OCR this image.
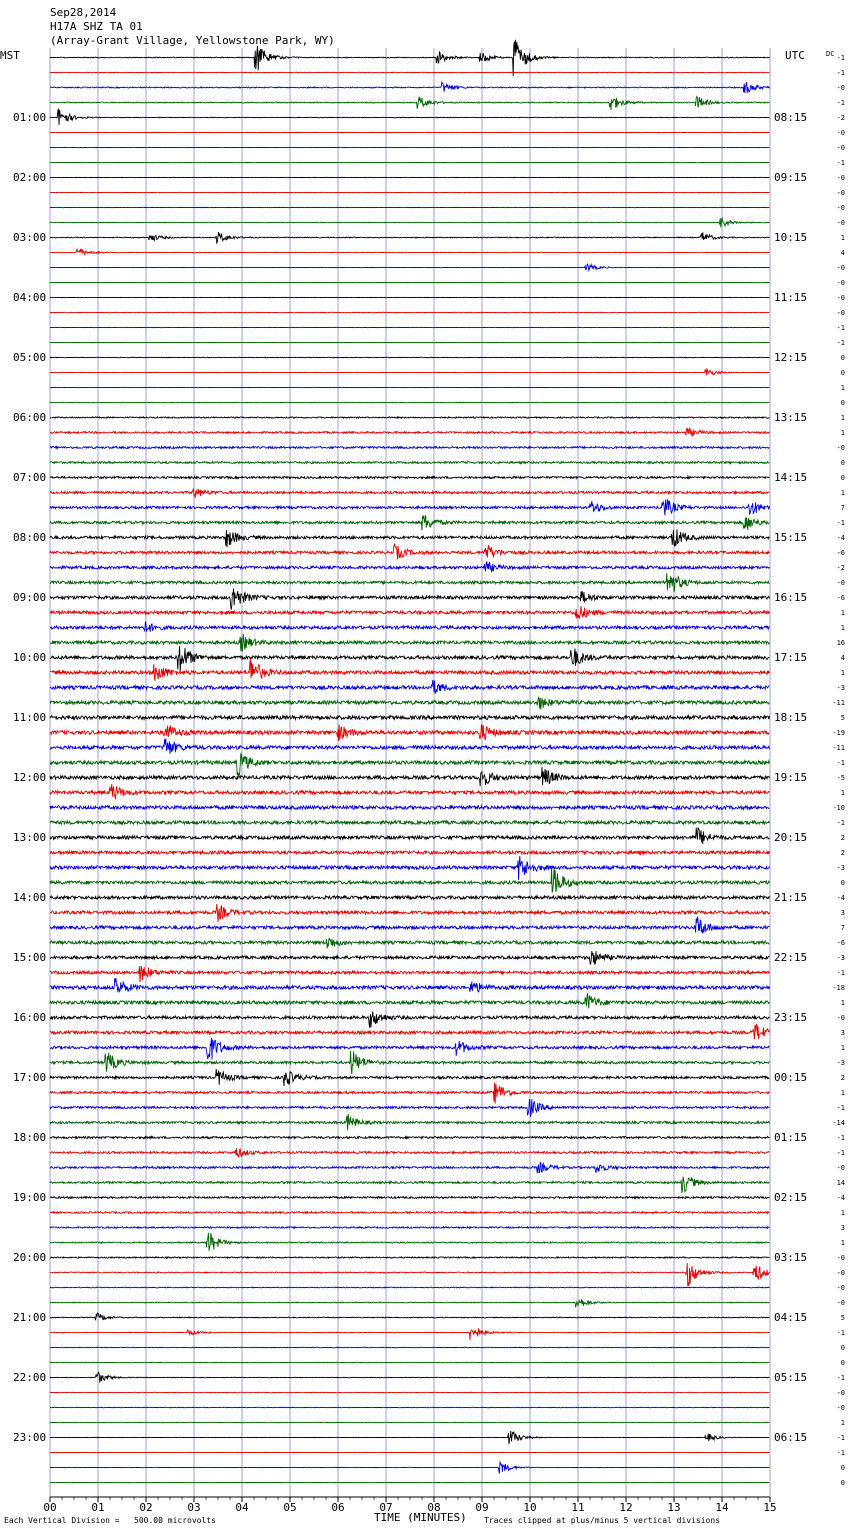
00	01	02	03	04	05	06	07	08	09	10	11	12	13	14	15
Sep28,2014
H17A SHZ TA 01
(Array-Grant Village, Yellowstone Park, WY)
MST	UTC	DC
01:00
02:00
03:00
04:00
05:00
06:00
07:00
08:00
09:00
10:00
11:00
12:00
13:00
14:00
15:00
16:00
17:00
18:00
19:00
20:00
21:00
22:00
23:00
08:15
09:15
10:15
11:15
12:15
13:15
14:15
15:15
16:15
17:15
18:15
19:15
20:15
21:15
22:15
23:15
00:15
01:15
02:15
03:15
04:15
05:15
06:15
-1
-1
-0
-1
-2
-0
-0
-1
-0
-0
-0
-0
1
4
-0
-0
-0
-0
-1
-1
0
0
1
0
1
1
-0
0
0
1
7
-1
-4
-6
-2
-0
-6
1
1
16
4
1
-3
-11
5
-19
-11
-1
-5
1
-10
-1
2
2
-3
0
-4
3
7
-6
-3
-1
-18
1
-0
3
1
-3
2
1
-1
-14
-1
-1
-0
14
-4
1
3
1
-0
-0
-0
-0
5
-1
0
0
-1
-0
-0
1
-1
-1
0
0
Each Vertical Division =   500.00 microvolts	TIME (MINUTES) Traces clipped at plus/minus 5 vertical divisions
